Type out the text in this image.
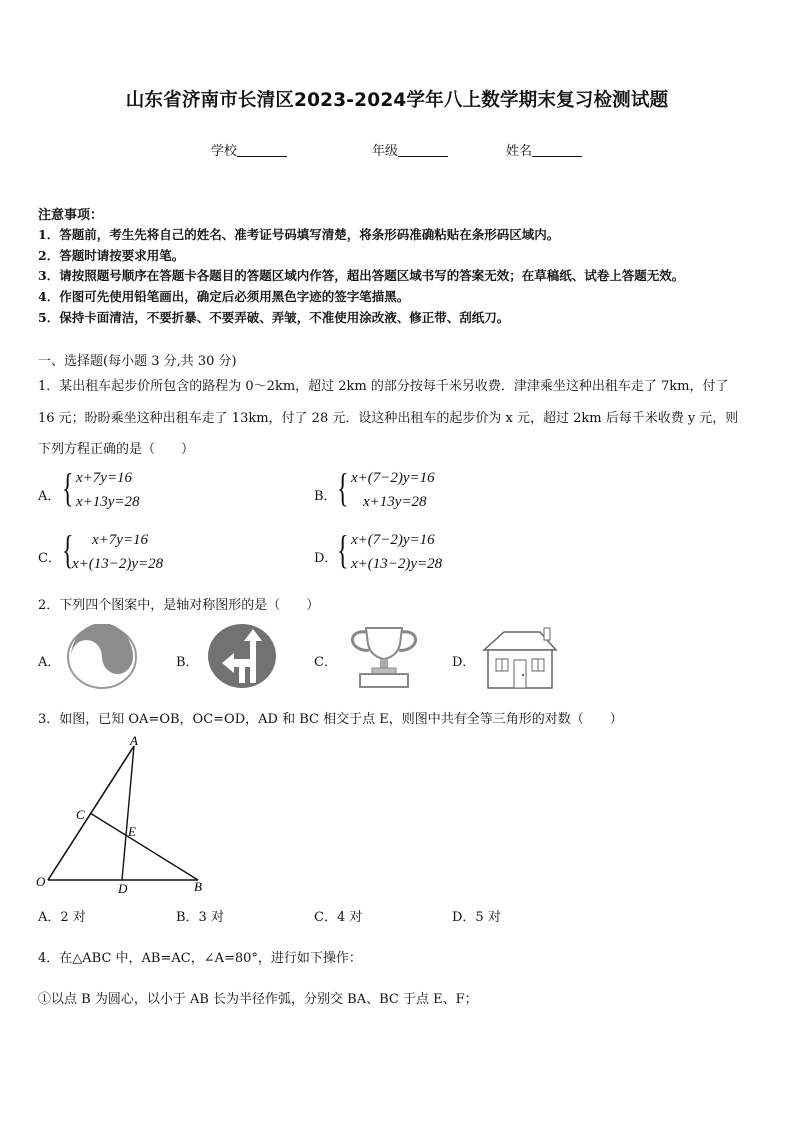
山东省济南市长清区2023-2024学年八上数学期末复习检测试题
学校	年级	姓名
注意事项：
1．答题前，考生先将自己的姓名、准考证号码填写清楚，将条形码准确粘贴在条形码区域内。
2．答题时请按要求用笔。
3．请按照题号顺序在答题卡各题目的答题区域内作答，超出答题区域书写的答案无效；在草稿纸、试卷上答题无效。
4．作图可先使用铅笔画出，确定后必须用黑色字迹的签字笔描黑。
5．保持卡面清洁，不要折暴、不要弄破、弄皱，不准使用涂改液、修正带、刮纸刀。
一、选择题(每小题 3 分,共 30 分)
1．某出租车起步价所包含的路程为 0～2km，超过 2km 的部分按每千米另收费．津津乘坐这种出租车走了 7km，付了
16 元；盼盼乘坐这种出租车走了 13km，付了 28 元．设这种出租车的起步价为 x 元，超过 2km 后每千米收费 y 元，则
下列方程正确的是（　　）
A． { x+7y=16
x+13y=28	B． { x+(7−2)y=16
x+13y=28
C． { x+7y=16
x+(13−2)y=28	D． { x+(7−2)y=16
x+(13−2)y=28
2．下列四个图案中，是轴对称图形的是（　　）
A．	B．	C．	D．
3．如图，已知 OA=OB，OC=OD，AD 和 BC 相交于点 E，则图中共有全等三角形的对数（　　）
A
C
E
O	D	B
A．2 对	B．3 对	C．4 对	D．5 对
4．在△ABC 中，AB=AC，∠A=80°，进行如下操作：
①以点 B 为圆心，以小于 AB 长为半径作弧，分别交 BA、BC 于点 E、F；
